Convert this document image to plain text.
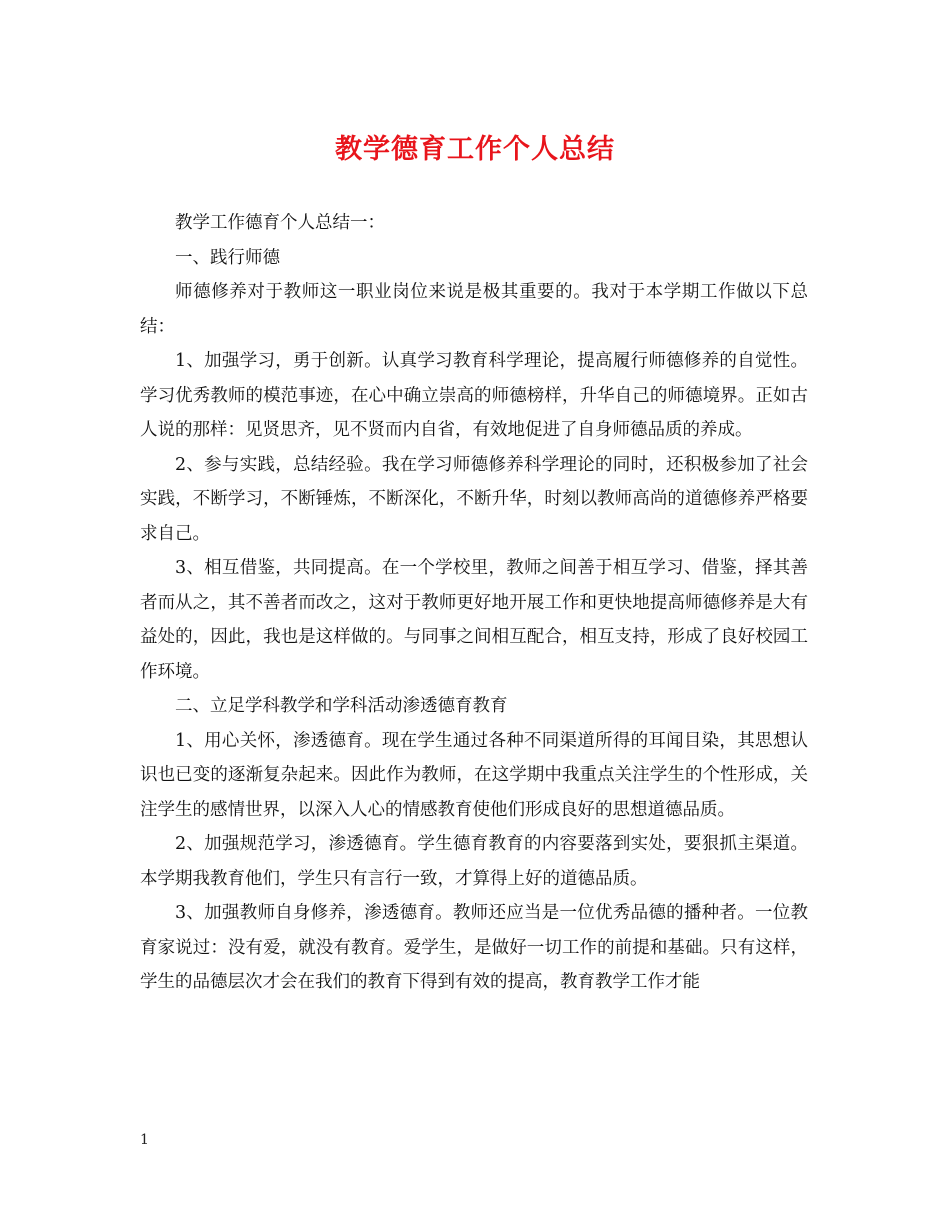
教学德育工作个人总结

教学工作德育个人总结一：

一、践行师德

师德修养对于教师这一职业岗位来说是极其重要的。我对于本学期工作做以下总结：

1、加强学习，勇于创新。认真学习教育科学理论，提高履行师德修养的自觉性。学习优秀教师的模范事迹，在心中确立崇高的师德榜样，升华自己的师德境界。正如古人说的那样：见贤思齐，见不贤而内自省，有效地促进了自身师德品质的养成。

2、参与实践，总结经验。我在学习师德修养科学理论的同时，还积极参加了社会实践，不断学习，不断锤炼，不断深化，不断升华，时刻以教师高尚的道德修养严格要求自己。

3、相互借鉴，共同提高。在一个学校里，教师之间善于相互学习、借鉴，择其善者而从之，其不善者而改之，这对于教师更好地开展工作和更快地提高师德修养是大有益处的，因此，我也是这样做的。与同事之间相互配合，相互支持，形成了良好校园工作环境。

二、立足学科教学和学科活动渗透德育教育

1、用心关怀，渗透德育。现在学生通过各种不同渠道所得的耳闻目染，其思想认识也已变的逐渐复杂起来。因此作为教师，在这学期中我重点关注学生的个性形成，关注学生的感情世界，以深入人心的情感教育使他们形成良好的思想道德品质。

2、加强规范学习，渗透德育。学生德育教育的内容要落到实处，要狠抓主渠道。本学期我教育他们，学生只有言行一致，才算得上好的道德品质。

3、加强教师自身修养，渗透德育。教师还应当是一位优秀品德的播种者。一位教育家说过：没有爱，就没有教育。爱学生，是做好一切工作的前提和基础。只有这样，学生的品德层次才会在我们的教育下得到有效的提高，教育教学工作才能

1
